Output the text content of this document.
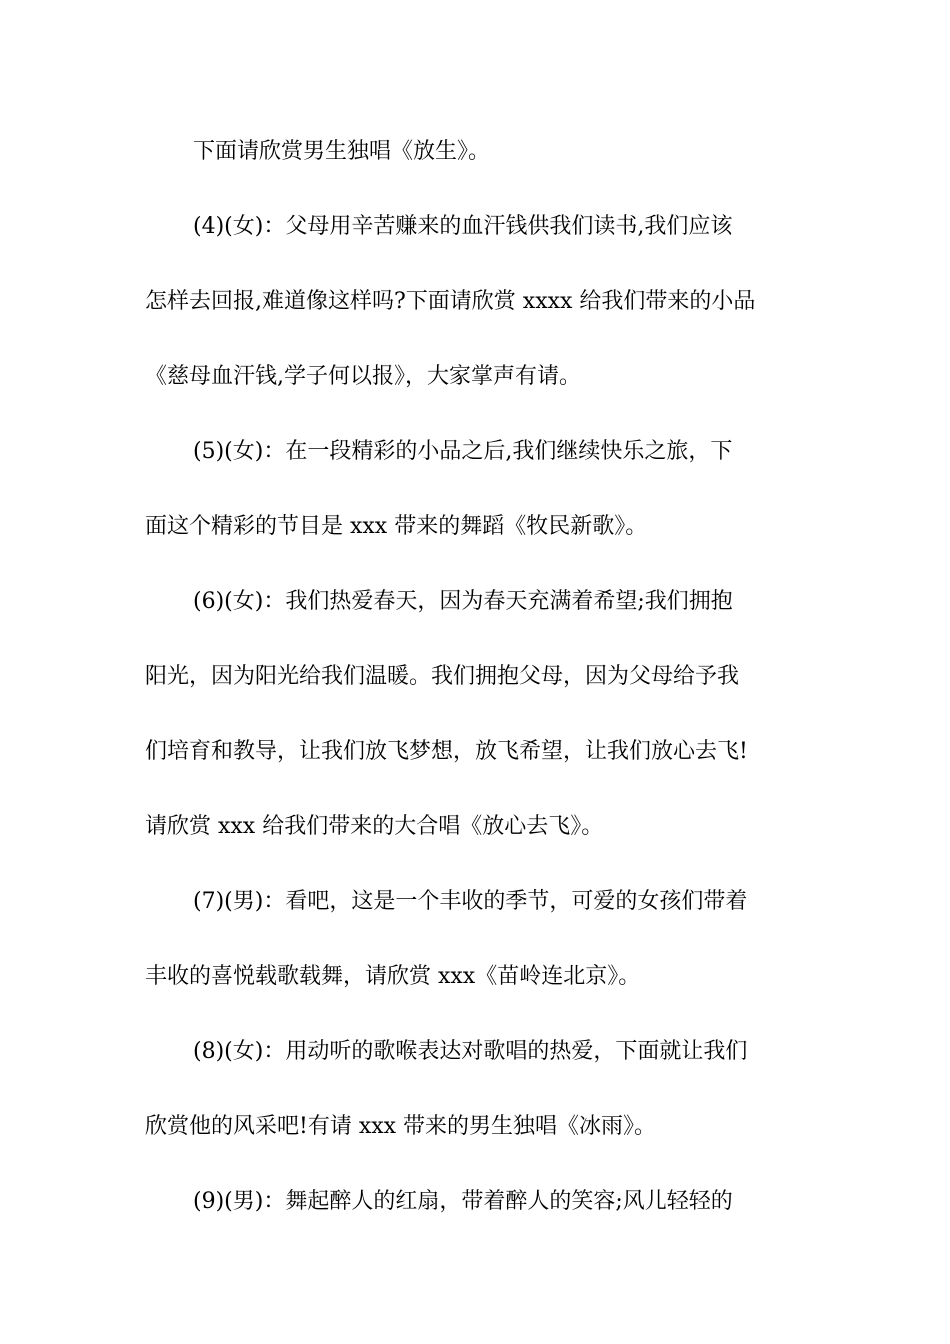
下面请欣赏男生独唱《放生》。
(4)(女)：父母用辛苦赚来的血汗钱供我们读书,我们应该
怎样去回报,难道像这样吗?下面请欣赏 xxxx 给我们带来的小品
《慈母血汗钱,学子何以报》，大家掌声有请。
(5)(女)：在一段精彩的小品之后,我们继续快乐之旅，下
面这个精彩的节目是 xxx 带来的舞蹈《牧民新歌》。
(6)(女)：我们热爱春天，因为春天充满着希望;我们拥抱
阳光，因为阳光给我们温暖。我们拥抱父母，因为父母给予我
们培育和教导，让我们放飞梦想，放飞希望，让我们放心去飞!
请欣赏 xxx 给我们带来的大合唱《放心去飞》。
(7)(男)：看吧，这是一个丰收的季节，可爱的女孩们带着
丰收的喜悦载歌载舞，请欣赏 xxx《苗岭连北京》。
(8)(女)：用动听的歌喉表达对歌唱的热爱，下面就让我们
欣赏他的风采吧!有请 xxx 带来的男生独唱《冰雨》。
(9)(男)：舞起醉人的红扇，带着醉人的笑容;风儿轻轻的
